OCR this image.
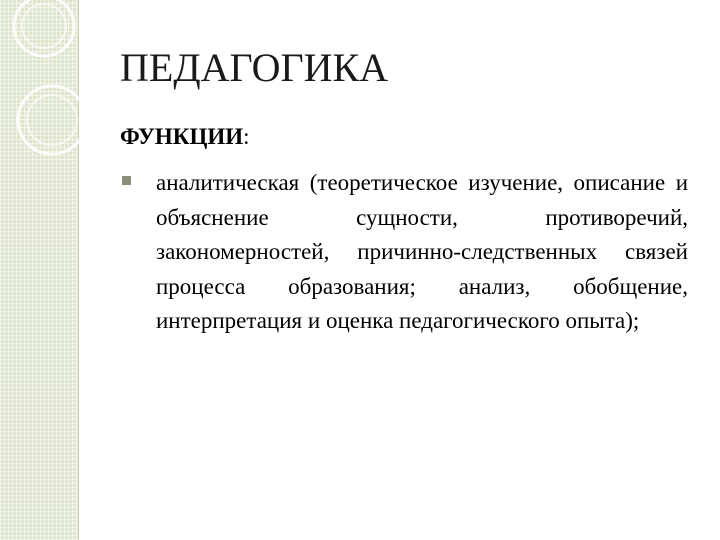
ПЕДАГОГИКА

ФУНКЦИИ:

аналитическая (теоретическое изучение, описание и объяснение сущности, противоречий, закономерностей, причинно-следственных связей процесса образования; анализ, обобщение, интерпретация и оценка педагогического опыта);
